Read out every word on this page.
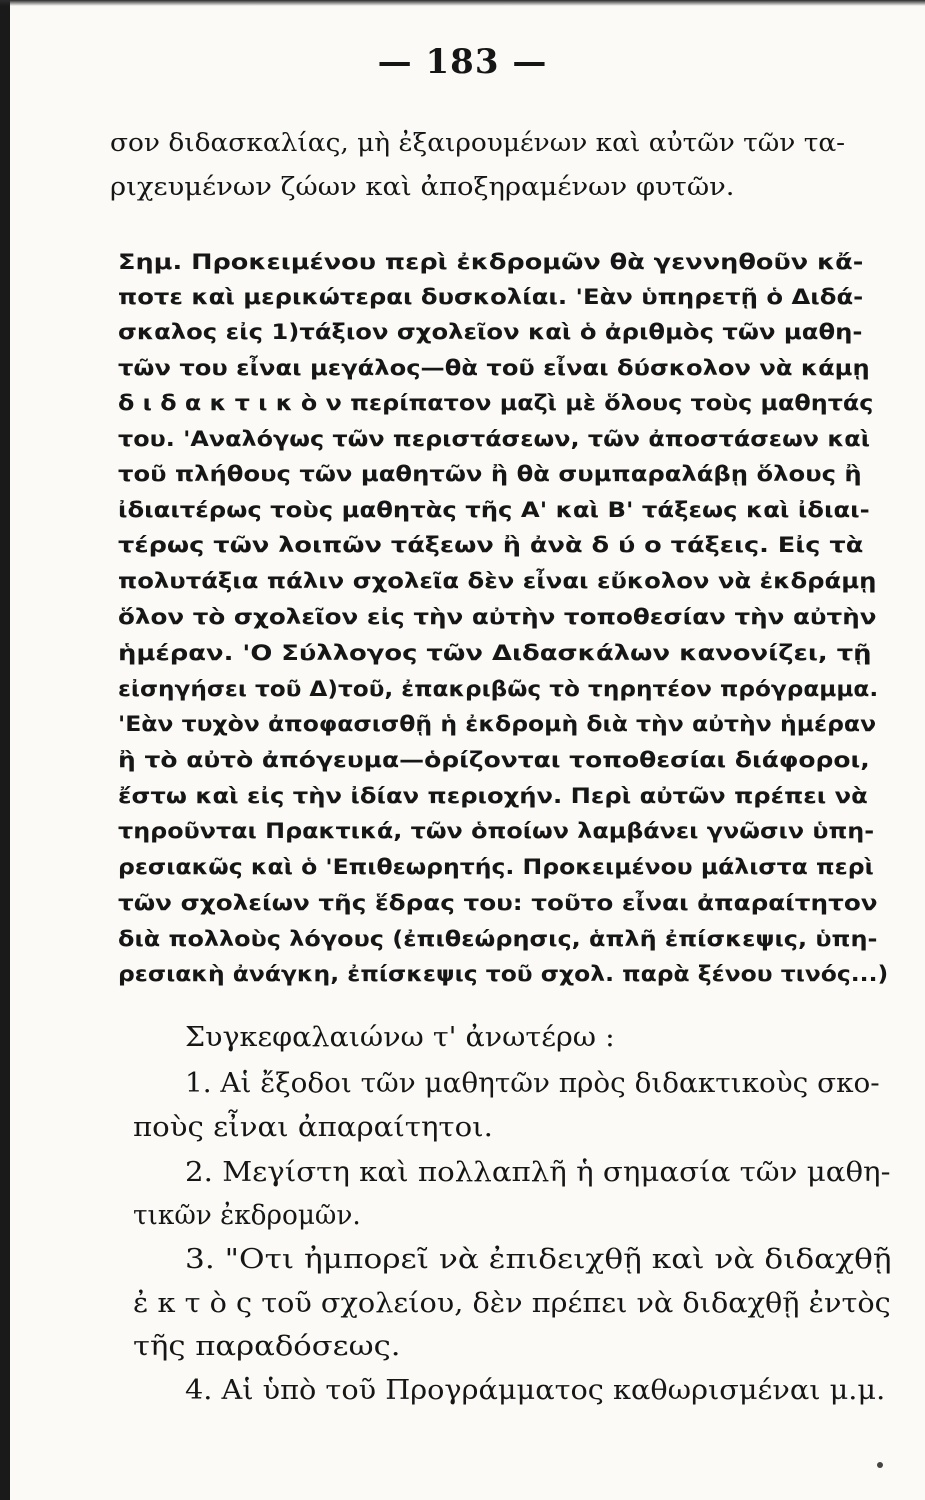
— 183 —
σον διδασκαλίας, μὴ ἐξαιρουμένων καὶ αὐτῶν τῶν τα-
ριχευμένων ζώων καὶ ἀποξηραμένων φυτῶν.
Σημ. Προκειμένου περὶ ἐκδρομῶν θὰ γεννηθοῦν κἄ-
ποτε καὶ μερικώτεραι δυσκολίαι. 'Εὰν ὑπηρετῇ ὁ Διδά-
σκαλος εἰς 1)τάξιον σχολεῖον καὶ ὁ ἀριθμὸς τῶν μαθη-
τῶν του εἶναι μεγάλος—θὰ τοῦ εἶναι δύσκολον νὰ κάμῃ
δ ι δ α κ τ ι κ ὸ ν περίπατον μαζὶ μὲ ὅλους τοὺς μαθητάς
του. 'Αναλόγως τῶν περιστάσεων, τῶν ἀποστάσεων καὶ
τοῦ πλήθους τῶν μαθητῶν ἢ θὰ συμπαραλάβῃ ὅλους ἢ
ἰδιαιτέρως τοὺς μαθητὰς τῆς Α' καὶ Β' τάξεως καὶ ἰδιαι-
τέρως τῶν λοιπῶν τάξεων ἢ ἀνὰ δ ύ ο τάξεις. Εἰς τὰ
πολυτάξια πάλιν σχολεῖα δὲν εἶναι εὔκολον νὰ ἐκδράμῃ
ὅλον τὸ σχολεῖον εἰς τὴν αὐτὴν τοποθεσίαν τὴν αὐτὴν
ἡμέραν. 'Ο Σύλλογος τῶν Διδασκάλων κανονίζει, τῇ
εἰσηγήσει τοῦ Δ)τοῦ, ἐπακριβῶς τὸ τηρητέον πρόγραμμα.
'Εὰν τυχὸν ἀποφασισθῇ ἡ ἐκδρομὴ διὰ τὴν αὐτὴν ἡμέραν
ἢ τὸ αὐτὸ ἀπόγευμα—ὁρίζονται τοποθεσίαι διάφοροι,
ἔστω καὶ εἰς τὴν ἰδίαν περιοχήν. Περὶ αὐτῶν πρέπει νὰ
τηροῦνται Πρακτικά, τῶν ὁποίων λαμβάνει γνῶσιν ὑπη-
ρεσιακῶς καὶ ὁ 'Επιθεωρητής. Προκειμένου μάλιστα περὶ
τῶν σχολείων τῆς ἕδρας του: τοῦτο εἶναι ἀπαραίτητον
διὰ πολλοὺς λόγους (ἐπιθεώρησις, ἁπλῆ ἐπίσκεψις, ὑπη-
ρεσιακὴ ἀνάγκη, ἐπίσκεψις τοῦ σχολ. παρὰ ξένου τινός...)
Συγκεφαλαιώνω τ' ἀνωτέρω :
1. Αἱ ἔξοδοι τῶν μαθητῶν πρὸς διδακτικοὺς σκο-
ποὺς εἶναι ἀπαραίτητοι.
2. Μεγίστη καὶ πολλαπλῆ ἡ σημασία τῶν μαθη-
τικῶν ἐκδρομῶν.
3. "Οτι ἠμπορεῖ νὰ ἐπιδειχθῇ καὶ νὰ διδαχθῇ
ἐ κ τ ὸ ς τοῦ σχολείου, δὲν πρέπει νὰ διδαχθῇ ἐντὸς
τῆς παραδόσεως.
4. Αἱ ὑπὸ τοῦ Προγράμματος καθωρισμέναι μ.μ.
